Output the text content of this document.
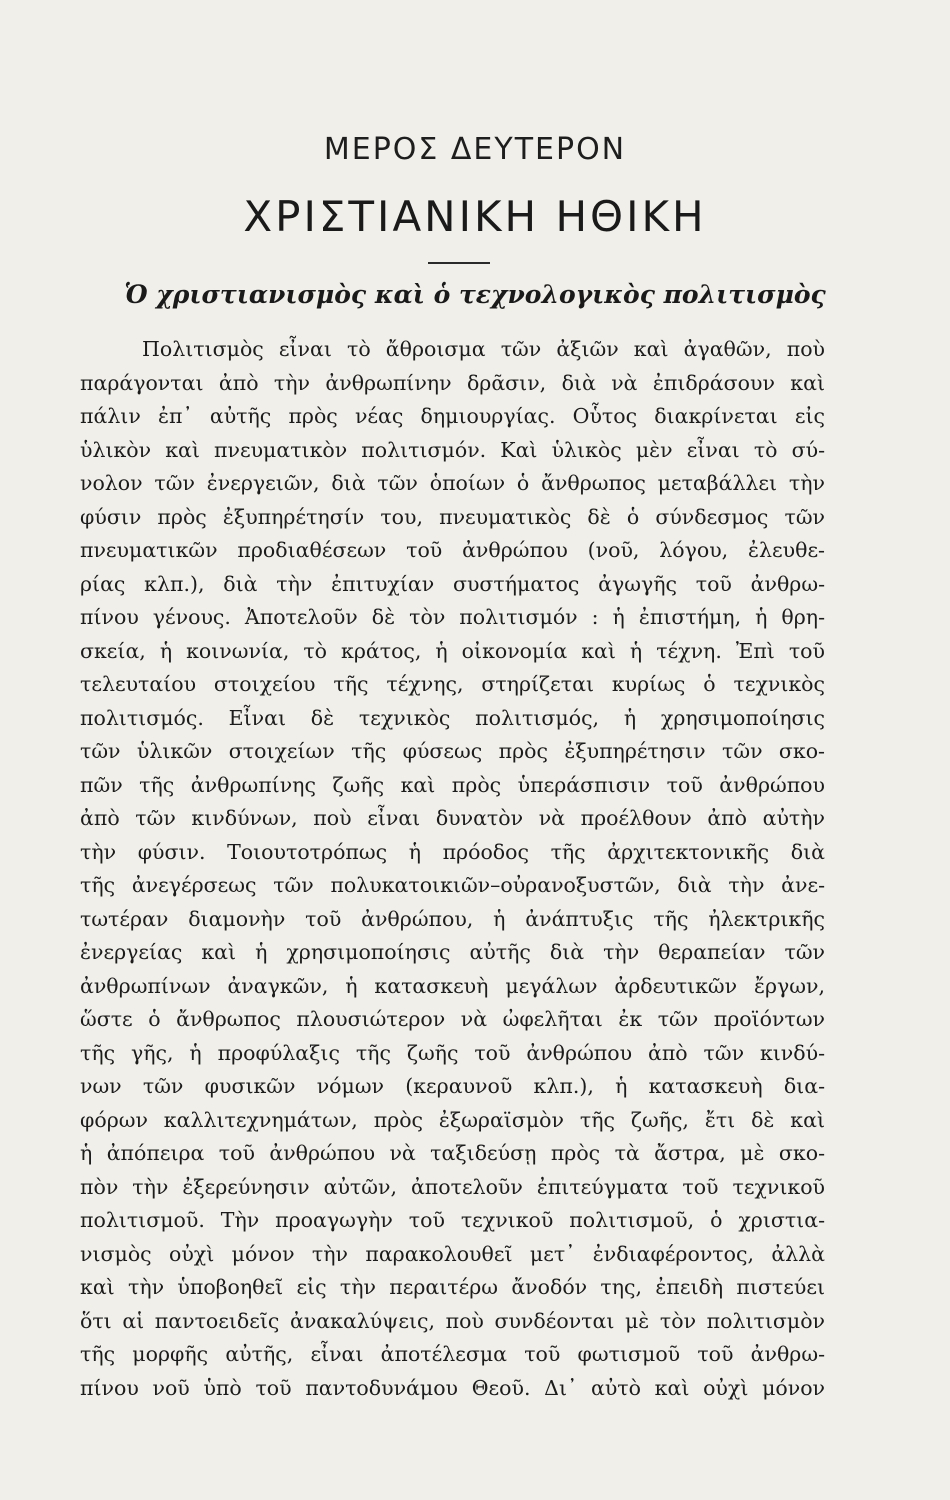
ΜΕΡΟΣ ΔΕΥΤΕΡΟΝ
ΧΡΙΣΤΙΑΝΙΚΗ ΗΘΙΚΗ
Ὁ χριστιανισμὸς καὶ ὁ τεχνολογικὸς πολιτισμὸς
Πολιτισμὸς εἶναι τὸ ἄθροισμα τῶν ἀξιῶν καὶ ἀγαθῶν, ποὺ
παράγονται ἀπὸ τὴν ἀνθρωπίνην δρᾶσιν, διὰ νὰ ἐπιδράσουν καὶ
πάλιν ἐπ᾽ αὐτῆς πρὸς νέας δημιουργίας. Οὗτος διακρίνεται εἰς
ὑλικὸν καὶ πνευματικὸν πολιτισμόν. Καὶ ὑλικὸς μὲν εἶναι τὸ σύ-
νολον τῶν ἐνεργειῶν, διὰ τῶν ὁποίων ὁ ἄνθρωπος μεταβάλλει τὴν
φύσιν πρὸς ἐξυπηρέτησίν του, πνευματικὸς δὲ ὁ σύνδεσμος τῶν
πνευματικῶν προδιαθέσεων τοῦ ἀνθρώπου (νοῦ, λόγου, ἐλευθε-
ρίας κλπ.), διὰ τὴν ἐπιτυχίαν συστήματος ἀγωγῆς τοῦ ἀνθρω-
πίνου γένους. Ἀποτελοῦν δὲ τὸν πολιτισμόν : ἡ ἐπιστήμη, ἡ θρη-
σκεία, ἡ κοινωνία, τὸ κράτος, ἡ οἰκονομία καὶ ἡ τέχνη. Ἐπὶ τοῦ
τελευταίου στοιχείου τῆς τέχνης, στηρίζεται κυρίως ὁ τεχνικὸς
πολιτισμός. Εἶναι δὲ τεχνικὸς πολιτισμός, ἡ χρησιμοποίησις
τῶν ὑλικῶν στοιχείων τῆς φύσεως πρὸς ἐξυπηρέτησιν τῶν σκο-
πῶν τῆς ἀνθρωπίνης ζωῆς καὶ πρὸς ὑπεράσπισιν τοῦ ἀνθρώπου
ἀπὸ τῶν κινδύνων, ποὺ εἶναι δυνατὸν νὰ προέλθουν ἀπὸ αὐτὴν
τὴν φύσιν. Τοιουτοτρόπως ἡ πρόοδος τῆς ἀρχιτεκτονικῆς διὰ
τῆς ἀνεγέρσεως τῶν πολυκατοικιῶν–οὐρανοξυστῶν, διὰ τὴν ἀνε-
τωτέραν διαμονὴν τοῦ ἀνθρώπου, ἡ ἀνάπτυξις τῆς ἠλεκτρικῆς
ἐνεργείας καὶ ἡ χρησιμοποίησις αὐτῆς διὰ τὴν θεραπείαν τῶν
ἀνθρωπίνων ἀναγκῶν, ἡ κατασκευὴ μεγάλων ἀρδευτικῶν ἔργων,
ὥστε ὁ ἄνθρωπος πλουσιώτερον νὰ ὠφελῆται ἐκ τῶν προϊόντων
τῆς γῆς, ἡ προφύλαξις τῆς ζωῆς τοῦ ἀνθρώπου ἀπὸ τῶν κινδύ-
νων τῶν φυσικῶν νόμων (κεραυνοῦ κλπ.), ἡ κατασκευὴ δια-
φόρων καλλιτεχνημάτων, πρὸς ἐξωραϊσμὸν τῆς ζωῆς, ἔτι δὲ καὶ
ἡ ἀπόπειρα τοῦ ἀνθρώπου νὰ ταξιδεύσῃ πρὸς τὰ ἄστρα, μὲ σκο-
πὸν τὴν ἐξερεύνησιν αὐτῶν, ἀποτελοῦν ἐπιτεύγματα τοῦ τεχνικοῦ
πολιτισμοῦ. Τὴν προαγωγὴν τοῦ τεχνικοῦ πολιτισμοῦ, ὁ χριστια-
νισμὸς οὐχὶ μόνον τὴν παρακολουθεῖ μετ᾽ ἐνδιαφέροντος, ἀλλὰ
καὶ τὴν ὑποβοηθεῖ εἰς τὴν περαιτέρω ἄνοδόν της, ἐπειδὴ πιστεύει
ὅτι αἱ παντοειδεῖς ἀνακαλύψεις, ποὺ συνδέονται μὲ τὸν πολιτισμὸν
τῆς μορφῆς αὐτῆς, εἶναι ἀποτέλεσμα τοῦ φωτισμοῦ τοῦ ἀνθρω-
πίνου νοῦ ὑπὸ τοῦ παντοδυνάμου Θεοῦ. Δι᾽ αὐτὸ καὶ οὐχὶ μόνον
